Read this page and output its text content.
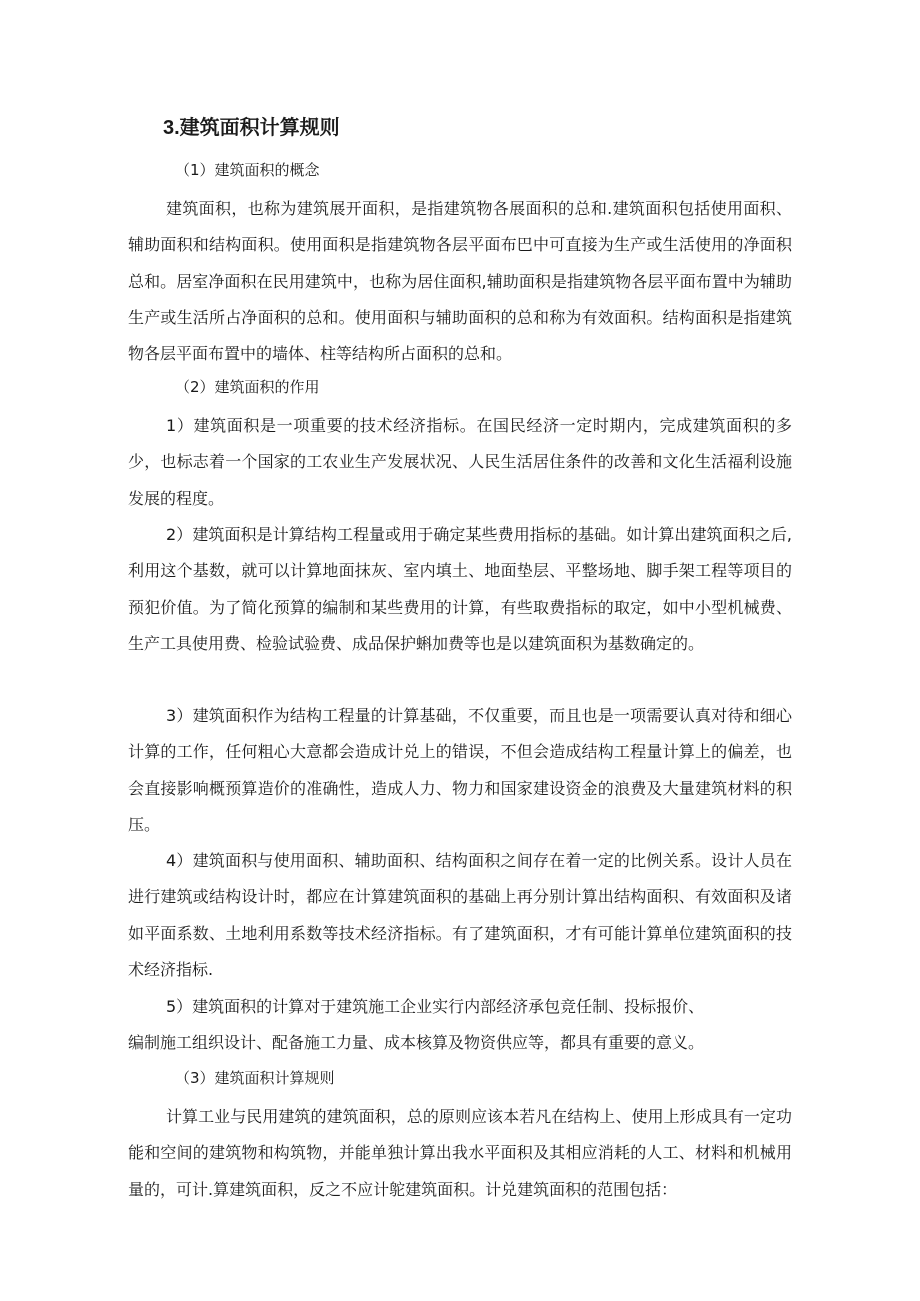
3.建筑面积计算规则

（1）建筑面积的概念

建筑面积，也称为建筑展开面积，是指建筑物各展面积的总和.建筑面积包括使用面积、辅助面积和结构面积。使用面积是指建筑物各层平面布巴中可直接为生产或生活使用的净面积总和。居室净面积在民用建筑中，也称为居住面积,辅助面积是指建筑物各层平面布置中为辅助生产或生活所占净面积的总和。使用面积与辅助面积的总和称为有效面积。结构面积是指建筑物各层平面布置中的墙体、柱等结构所占面积的总和。

（2）建筑面积的作用

1）建筑面积是一项重要的技术经济指标。在国民经济一定时期内，完成建筑面积的多少，也标志着一个国家的工农业生产发展状况、人民生活居住条件的改善和文化生活福利设施发展的程度。

2）建筑面积是计算结构工程量或用于确定某些费用指标的基础。如计算出建筑面积之后,利用这个基数，就可以计算地面抹灰、室内填土、地面垫层、平整场地、脚手架工程等项目的预犯价值。为了简化预算的编制和某些费用的计算，有些取费指标的取定，如中小型机械费、生产工具使用费、检验试验费、成品保护蝌加费等也是以建筑面积为基数确定的。

3）建筑面积作为结构工程量的计算基础，不仅重要，而且也是一项需要认真对待和细心计算的工作，任何粗心大意都会造成计兑上的错误，不但会造成结构工程量计算上的偏差，也会直接影响概预算造价的准确性，造成人力、物力和国家建设资金的浪费及大量建筑材料的积压。

4）建筑面积与使用面积、辅助面积、结构面积之间存在着一定的比例关系。设计人员在进行建筑或结构设计时，都应在计算建筑面积的基础上再分别计算出结构面积、有效面积及诸如平面系数、土地利用系数等技术经济指标。有了建筑面积，才有可能计算单位建筑面积的技术经济指标.

5）建筑面积的计算对于建筑施工企业实行内部经济承包竞任制、投标报价、

编制施工组织设计、配备施工力量、成本核算及物资供应等，都具有重要的意义。

（3）建筑面积计算规则

计算工业与民用建筑的建筑面积，总的原则应该本若凡在结构上、使用上形成具有一定功能和空间的建筑物和构筑物，并能单独计算出我水平面积及其相应消耗的人工、材料和机械用量的，可计.算建筑面积，反之不应计鸵建筑面积。计兑建筑面积的范围包括：
